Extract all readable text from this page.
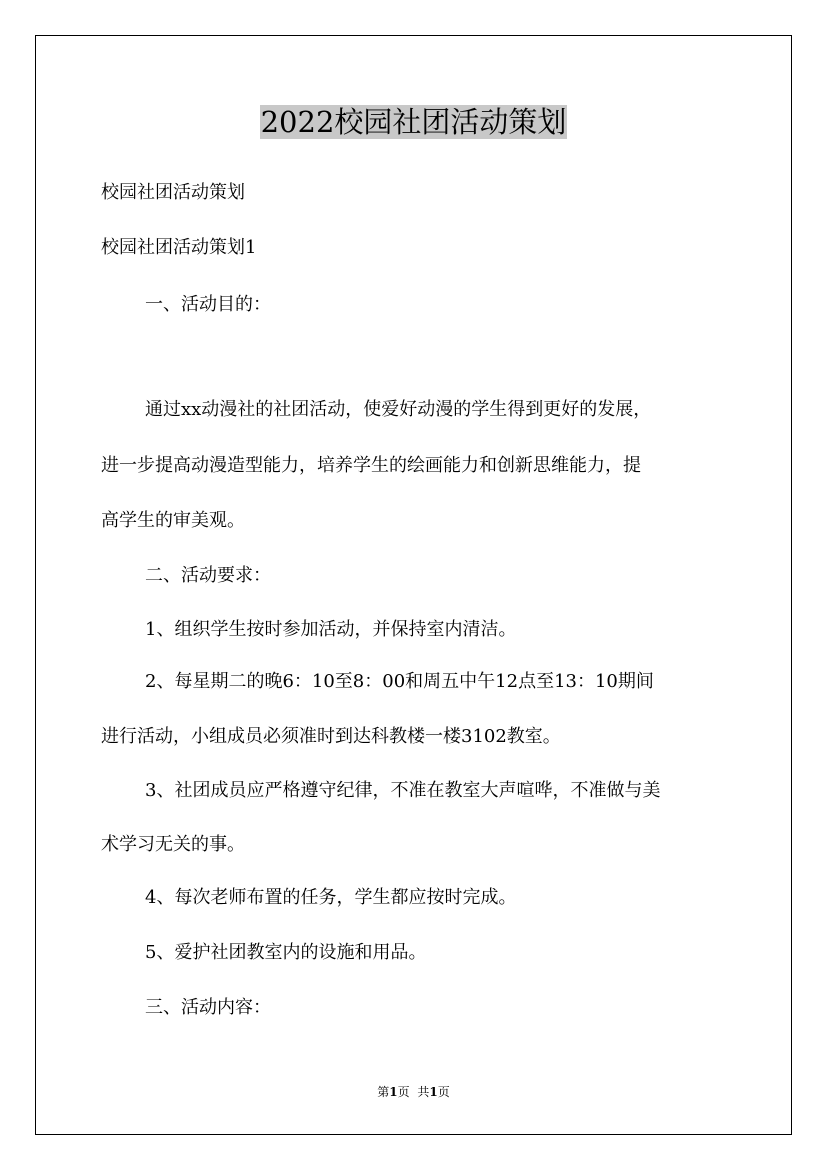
2022校园社团活动策划

校园社团活动策划

校园社团活动策划1

一、活动目的：

通过xx动漫社的社团活动，使爱好动漫的学生得到更好的发展，

进一步提高动漫造型能力，培养学生的绘画能力和创新思维能力，提

高学生的审美观。

二、活动要求：

1、组织学生按时参加活动，并保持室内清洁。

2、每星期二的晚6：10至8：00和周五中午12点至13：10期间

进行活动，小组成员必须准时到达科教楼一楼3102教室。

3、社团成员应严格遵守纪律，不准在教室大声喧哗，不准做与美

术学习无关的事。

4、每次老师布置的任务，学生都应按时完成。

5、爱护社团教室内的设施和用品。

三、活动内容：

第1页 共1页
